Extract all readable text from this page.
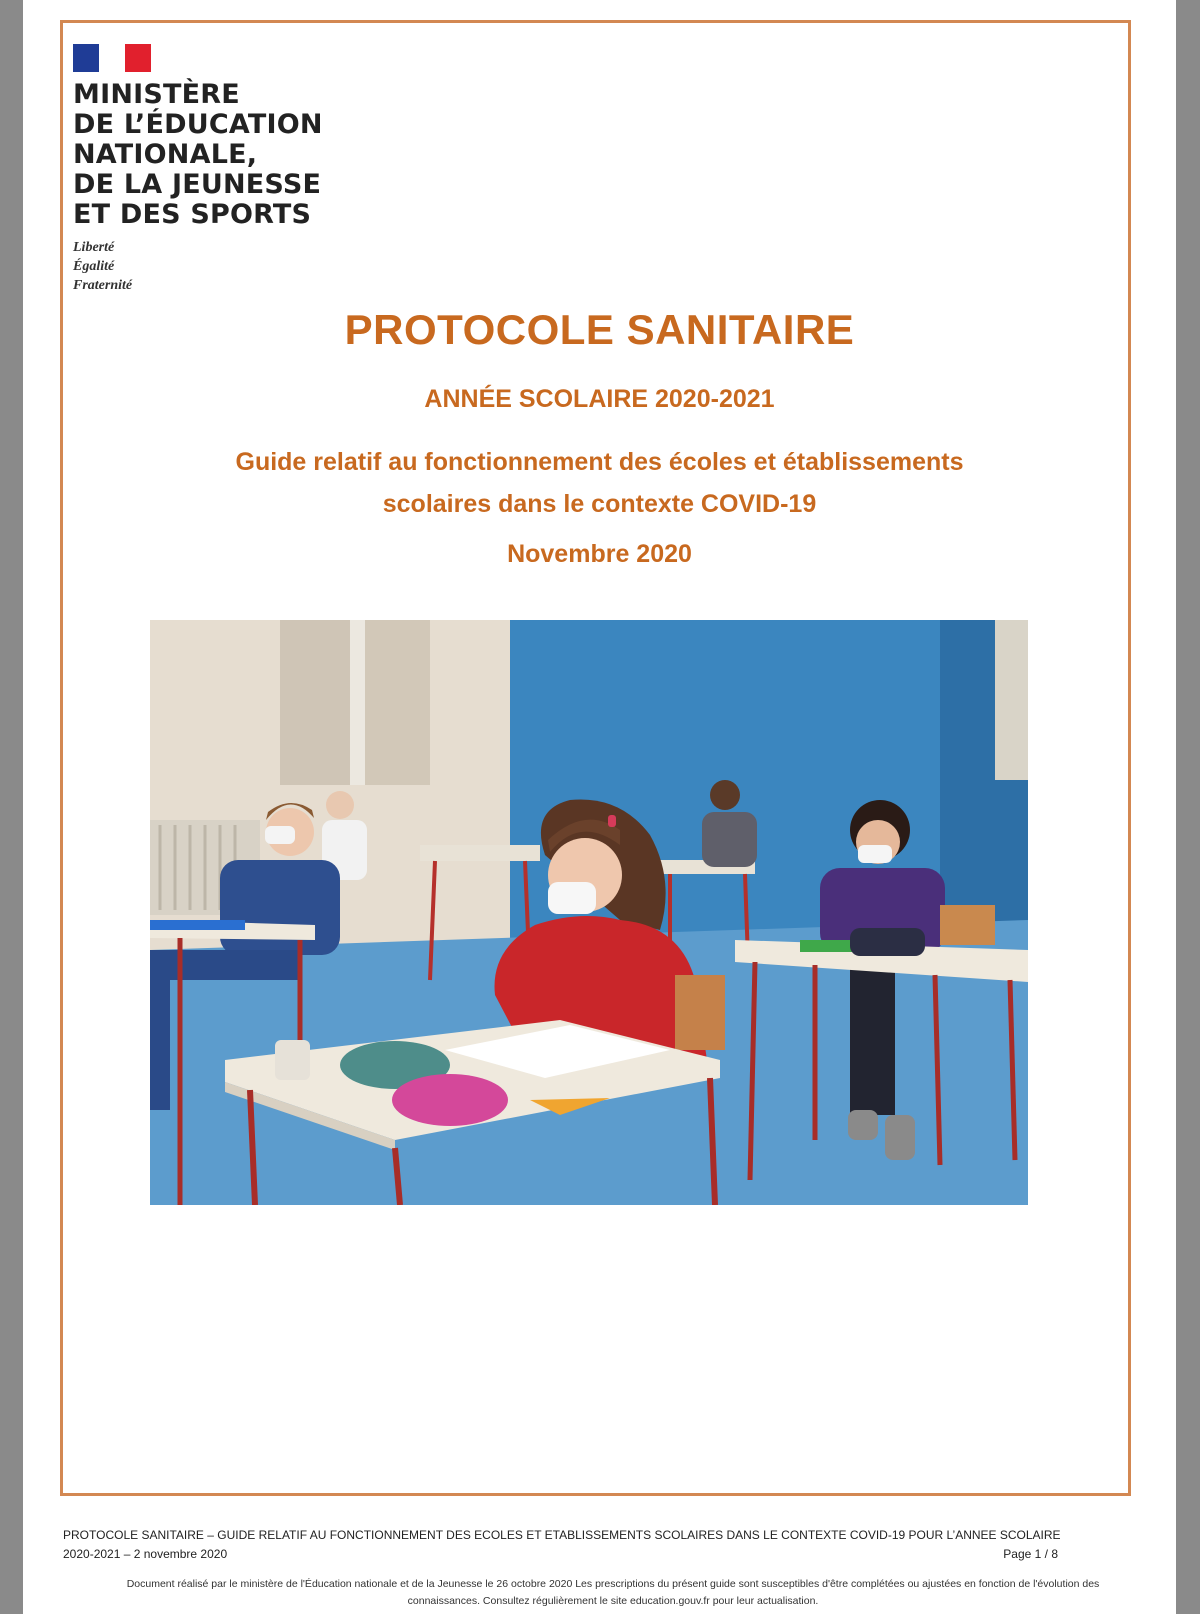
MINISTÈRE
DE L’ÉDUCATION
NATIONALE,
DE LA JEUNESSE
ET DES SPORTS
Liberté
Égalité
Fraternité
PROTOCOLE SANITAIRE
ANNÉE SCOLAIRE 2020-2021
Guide relatif au fonctionnement des écoles et établissements
scolaires dans le contexte COVID-19
Novembre 2020
PROTOCOLE SANITAIRE – GUIDE RELATIF AU FONCTIONNEMENT DES ECOLES ET ETABLISSEMENTS SCOLAIRES DANS LE CONTEXTE COVID-19 POUR L’ANNEE SCOLAIRE
2020-2021 – 2 novembre 2020	Page 1 / 8
Document réalisé par le ministère de l'Éducation nationale et de la Jeunesse le 26 octobre 2020 Les prescriptions du présent guide sont susceptibles d'être complétées ou ajustées en fonction de l'évolution des
connaissances. Consultez régulièrement le site education.gouv.fr pour leur actualisation.
